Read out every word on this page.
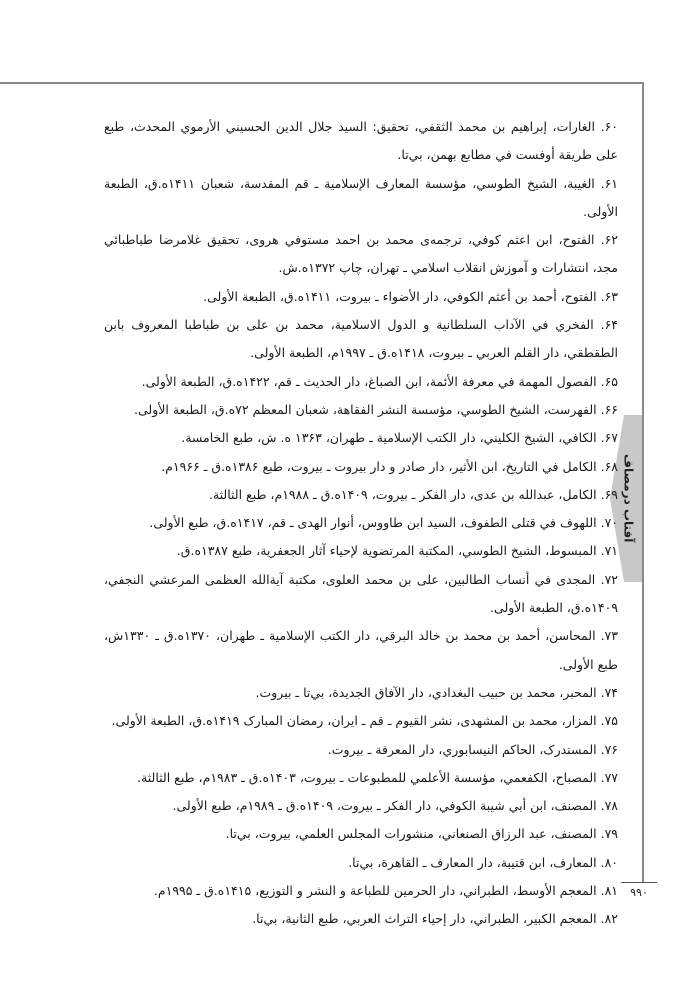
آفتاب درمصاف
۹۹۰

۶۰. الغارات، إبراهيم بن محمد الثقفي، تحقيق: السيد جلال الدين الحسيني الأرموي المحدث، طبع على طريقة أوفست في مطابع بهمن، بي‌تا.

۶۱. الغيبة، الشيخ الطوسي، مؤسسة المعارف الإسلامية ـ قم المقدسة، شعبان ۱۴۱۱ه.ق، الطبعة الأولى.

۶۲. الفتوح، ابن اعثم كوفي، ترجمه‌ى محمد بن احمد مستوفي هروى، تحقيق غلامرضا طباطبائي مجد، انتشارات و آموزش انقلاب اسلامي ـ تهران، چاپ ۱۳۷۲ه.ش.

۶۳. الفتوح، أحمد بن أعثم الكوفي، دار الأضواء ـ بيروت، ۱۴۱۱ه.ق، الطبعة الأولى.

۶۴. الفخري في الآداب السلطانية و الدول الاسلامية، محمد بن على بن طباطبا المعروف بابن الطقطقي، دار القلم العربي ـ بيروت، ۱۴۱۸ه.ق ـ ۱۹۹۷م، الطبعة الأولى.

۶۵. الفصول المهمة في معرفة الأئمة، ابن الصباغ، دار الحديث ـ قم، ۱۴۲۲ه.ق، الطبعة الأولى.

۶۶. الفهرست، الشيخ الطوسي، مؤسسة النشر الفقاهة، شعبان المعظم ۷۲ه.ق، الطبعة الأولى.

۶۷. الكافي، الشيخ الكليني، دار الكتب الإسلامية ـ طهران، ۱۳۶۳ ه. ش، طبع الخامسة.

۶۸. الكامل في التاريخ، ابن الأثير، دار صادر و دار بيروت ـ بيروت، طبع ۱۳۸۶ه.ق ـ ۱۹۶۶م.

۶۹. الكامل، عبدالله بن عدى، دار الفكر ـ بيروت، ۱۴۰۹ه.ق ـ ۱۹۸۸م، طبع الثالثة.

۷۰. اللهوف في قتلى الطفوف، السيد ابن طاووس، أنوار الهدى ـ قم، ۱۴۱۷ه.ق، طبع الأولى.

۷۱. المبسوط، الشيخ الطوسي، المكتبة المرتضوية لإحياء آثار الجعفرية، طبع ۱۳۸۷ه.ق.

۷۲. المجدى في أنساب الطالبين، على بن محمد العلوى، مكتبة آية‌الله العظمى المرعشي النجفي، ۱۴۰۹ه.ق، الطبعة الأولى.

۷۳. المحاسن، أحمد بن محمد بن خالد البرقي، دار الكتب الإسلامية ـ طهران، ۱۳۷۰ه.ق ـ ۱۳۳۰ش، طبع الأولى.

۷۴. المحبر، محمد بن حبيب البغدادي، دار الآفاق الجديدة، بي‌تا ـ بيروت.

۷۵. المزار، محمد بن المشهدى، نشر القيوم ـ قم ـ ايران، رمضان المبارک ۱۴۱۹ه.ق، الطبعة الأولى.

۷۶. المستدرک، الحاكم النيسابوري، دار المعرفة ـ بيروت.

۷۷. المصباح، الكفعمي، مؤسسة الأعلمي للمطبوعات ـ بيروت، ۱۴۰۳ه.ق ـ ۱۹۸۳م، طبع الثالثة.

۷۸. المصنف، ابن أبي شيبة الكوفي، دار الفكر ـ بيروت، ۱۴۰۹ه.ق ـ ۱۹۸۹م، طبع الأولى.

۷۹. المصنف، عبد الرزاق الصنعاني، منشورات المجلس العلمي، بيروت، بي‌تا.

۸۰. المعارف، ابن قتيبة، دار المعارف ـ القاهرة، بي‌تا.

۸۱. المعجم الأوسط، الطبراني، دار الحرمين للطباعة و النشر و التوزيع، ۱۴۱۵ه.ق ـ ۱۹۹۵م.

۸۲. المعجم الكبير، الطبراني، دار إحياء التراث العربي، طبع الثانية، بي‌تا.
